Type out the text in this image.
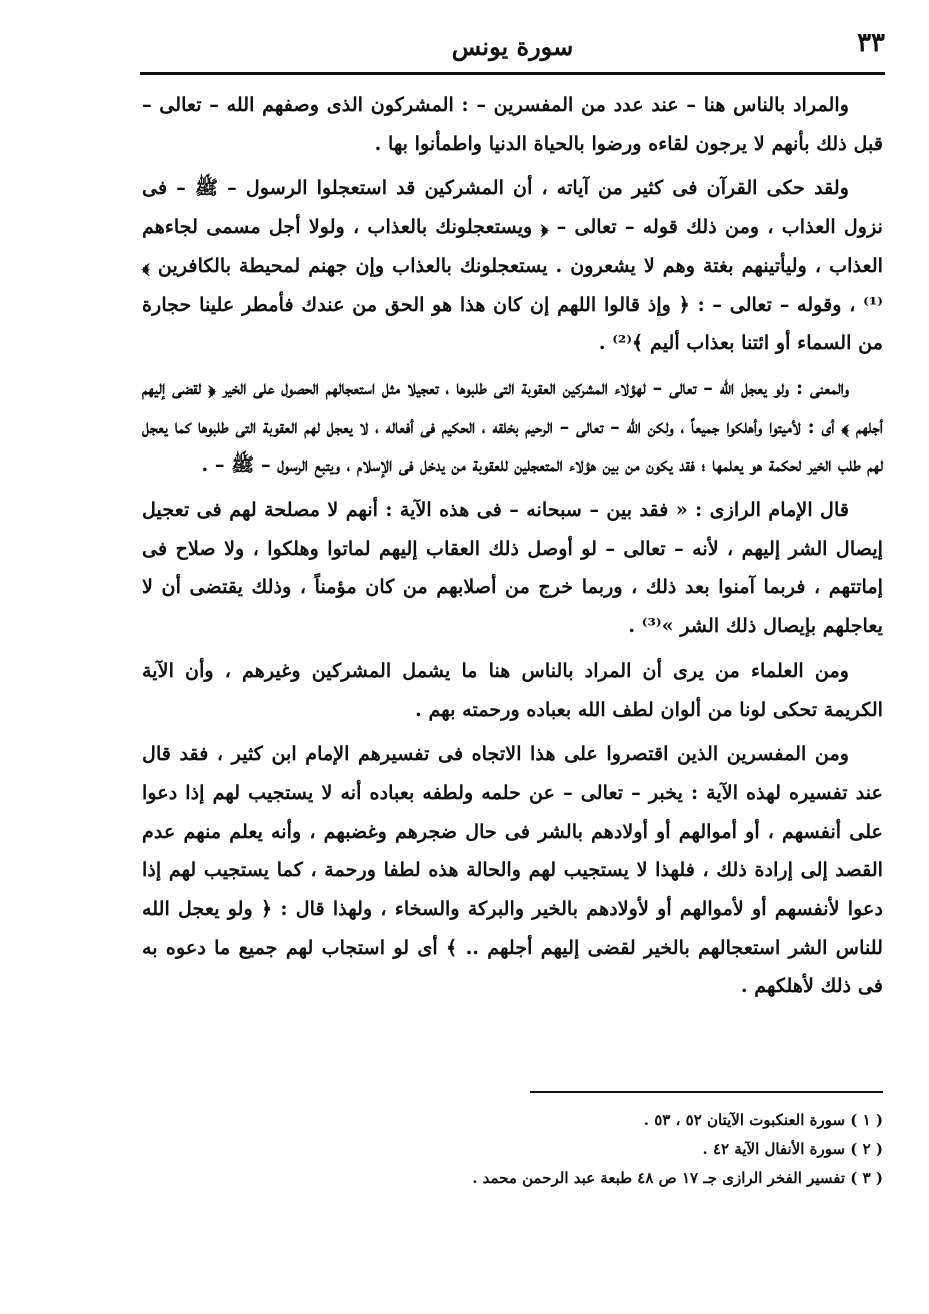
٣٣
سورة يونس

والمراد بالناس هنا – عند عدد من المفسرين – : المشركون الذى وصفهم الله – تعالى – قبل ذلك بأنهم لا يرجون لقاءه ورضوا بالحياة الدنيا واطمأنوا بها .

ولقد حكى القرآن فى كثير من آياته ، أن المشركين قد استعجلوا الرسول – ﷺ – فى نزول العذاب ، ومن ذلك قوله – تعالى – ﴿ ويستعجلونك بالعذاب ، ولولا أجل مسمى لجاءهم العذاب ، وليأتينهم بغتة وهم لا يشعرون . يستعجلونك بالعذاب وإن جهنم لمحيطة بالكافرين ﴾⁽¹⁾ ، وقوله – تعالى – : ﴿ وإذ قالوا اللهم إن كان هذا هو الحق من عندك فأمطر علينا حجارة من السماء أو ائتنا بعذاب أليم ﴾⁽²⁾ .

والمعنى : ولو يعجل الله – تعالى – لهؤلاء المشركين العقوبة التى طلبوها ، تعجيلا مثل استعجالهم الحصول على الخير ﴿ لقضى إليهم أجلهم ﴾ أى : لأميتوا وأهلكوا جميعاً ، ولكن الله – تعالى – الرحيم بخلقه ، الحكيم فى أفعاله ، لا يعجل لهم العقوبة التى طلبوها كما يعجل لهم طلب الخير لحكمة هو يعلمها ؛ فقد يكون من بين هؤلاء المتعجلين للعقوبة من يدخل فى الإسلام ، ويتبع الرسول – ﷺ – .

قال الإمام الرازى : « فقد بين – سبحانه – فى هذه الآية : أنهم لا مصلحة لهم فى تعجيل إيصال الشر إليهم ، لأنه – تعالى – لو أوصل ذلك العقاب إليهم لماتوا وهلكوا ، ولا صلاح فى إماتتهم ، فربما آمنوا بعد ذلك ، وربما خرج من أصلابهم من كان مؤمناً ، وذلك يقتضى أن لا يعاجلهم بإيصال ذلك الشر »⁽³⁾ .

ومن العلماء من يرى أن المراد بالناس هنا ما يشمل المشركين وغيرهم ، وأن الآية الكريمة تحكى لونا من ألوان لطف الله بعباده ورحمته بهم .

ومن المفسرين الذين اقتصروا على هذا الاتجاه فى تفسيرهم الإمام ابن كثير ، فقد قال عند تفسيره لهذه الآية : يخبر – تعالى – عن حلمه ولطفه بعباده أنه لا يستجيب لهم إذا دعوا على أنفسهم ، أو أموالهم أو أولادهم بالشر فى حال ضجرهم وغضبهم ، وأنه يعلم منهم عدم القصد إلى إرادة ذلك ، فلهذا لا يستجيب لهم والحالة هذه لطفا ورحمة ، كما يستجيب لهم إذا دعوا لأنفسهم أو لأموالهم أو لأولادهم بالخير والبركة والسخاء ، ولهذا قال : ﴿ ولو يعجل الله للناس الشر استعجالهم بالخير لقضى إليهم أجلهم .. ﴾ أى لو استجاب لهم جميع ما دعوه به فى ذلك لأهلكهم .

( ١ ) سورة العنكبوت الآيتان ٥٢ ، ٥٣ .

( ٢ ) سورة الأنفال الآية ٤٢ .

( ٣ ) تفسير الفخر الرازى جـ ١٧ ص ٤٨ طبعة عبد الرحمن محمد .
